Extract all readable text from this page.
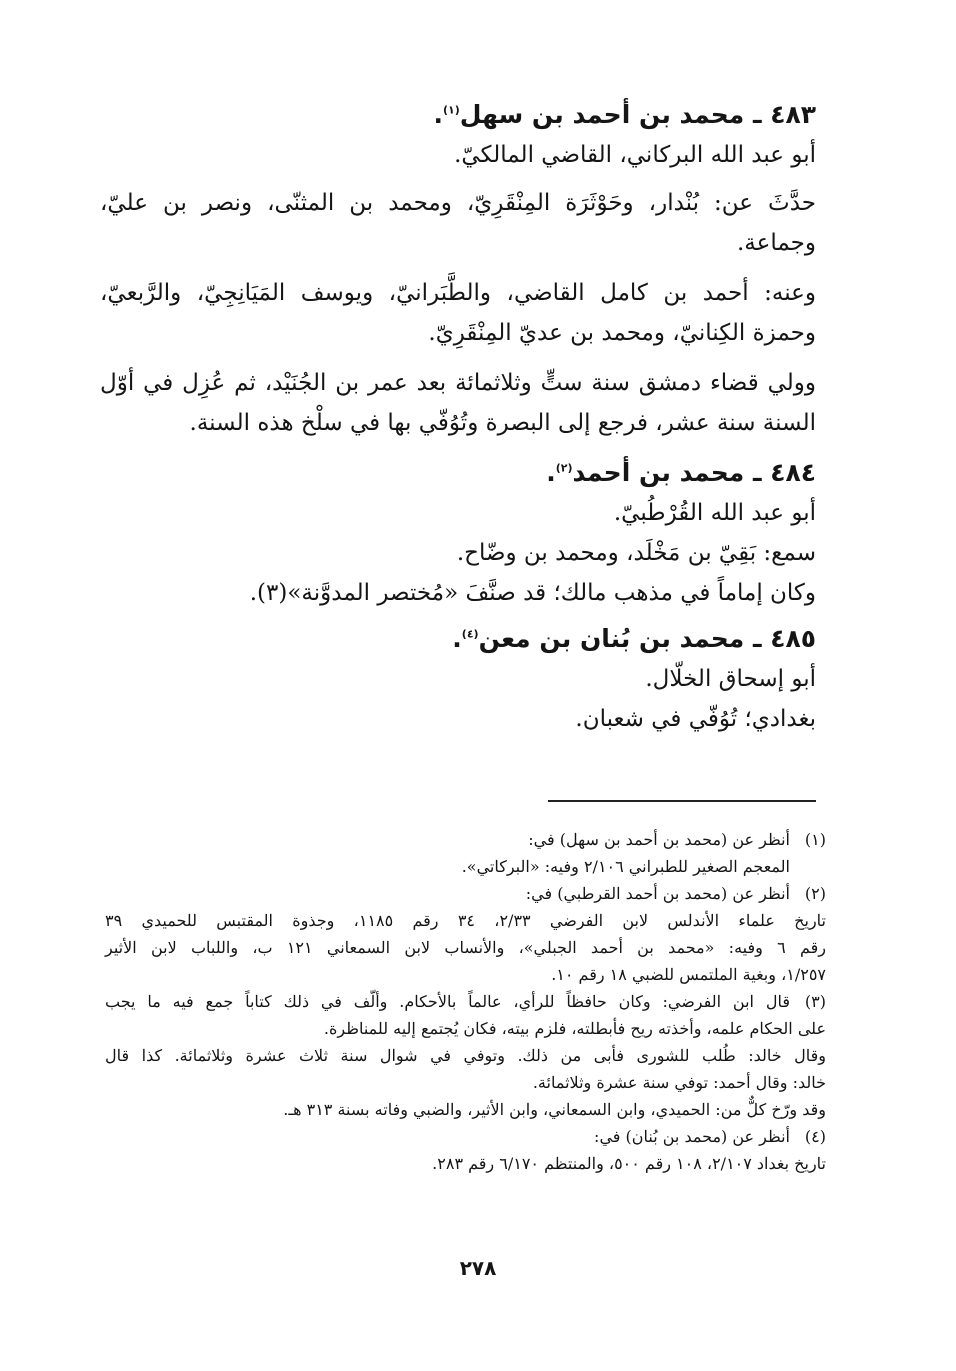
٤٨٣ ـ محمد بن أحمد بن سهل$^{(١)}$.
أبو عبد الله البركاني، القاضي المالكيّ.
حدَّثَ عن: بُنْدار، وحَوْثَرَة المِنْقَرِيّ، ومحمد بن المثنّى، ونصر بن عليّ، وجماعة.
وعنه: أحمد بن كامل القاضي، والطَّبَرانيّ، ويوسف المَيَانِجِيّ، والرَّبعيّ، وحمزة الكِنانيّ، ومحمد بن عديّ المِنْقَرِيّ.
وولي قضاء دمشق سنة ستٍّ وثلاثمائة بعد عمر بن الجُنَيْد، ثم عُزِل في أوّل السنة سنة عشر، فرجع إلى البصرة وتُوُفّي بها في سلْخ هذه السنة.
٤٨٤ ـ محمد بن أحمد$^{(٢)}$.
أبو عبد الله القُرْطُبيّ.
سمع: بَقِيّ بن مَخْلَد، ومحمد بن وضّاح.
وكان إماماً في مذهب مالك؛ قد صنَّفَ «مُختصر المدوَّنة»(٣).
٤٨٥ ـ محمد بن بُنان بن معن$^{(٤)}$.
أبو إسحاق الخلّال.
بغدادي؛ تُوُفّي في شعبان.
(١)
أنظر عن (محمد بن أحمد بن سهل) في:
المعجم الصغير للطبراني ٢/١٠٦ وفيه: «البركاتي».
(٢)
أنظر عن (محمد بن أحمد القرطبي) في:
تاريخ علماء الأندلس لابن الفرضي ٢/٣٣، ٣٤ رقم ١١٨٥، وجذوة المقتبس للحميدي ٣٩
رقم ٦ وفيه: «محمد بن أحمد الجبلي»، والأنساب لابن السمعاني ١٢١ ب، واللباب لابن الأثير
١/٢٥٧، وبغية الملتمس للضبي ١٨ رقم ١٠.
(٣)
قال ابن الفرضي: وكان حافظاً للرأي، عالماً بالأحكام. وألّف في ذلك كتاباً جمع فيه ما يجب
على الحكام علمه، وأخذته ريح فأبطلته، فلزم بيته، فكان يُجتمع إليه للمناظرة.
وقال خالد: طُلب للشورى فأبى من ذلك. وتوفي في شوال سنة ثلاث عشرة وثلاثمائة. كذا قال
خالد: وقال أحمد: توفي سنة عشرة وثلاثمائة.
وقد ورّخ كلٌّ من: الحميدي، وابن السمعاني، وابن الأثير، والضبي وفاته بسنة ٣١٣ هـ.
(٤)
أنظر عن (محمد بن بُنان) في:
تاريخ بغداد ٢/١٠٧، ١٠٨ رقم ٥٠٠، والمنتظم ٦/١٧٠ رقم ٢٨٣.
٢٧٨
